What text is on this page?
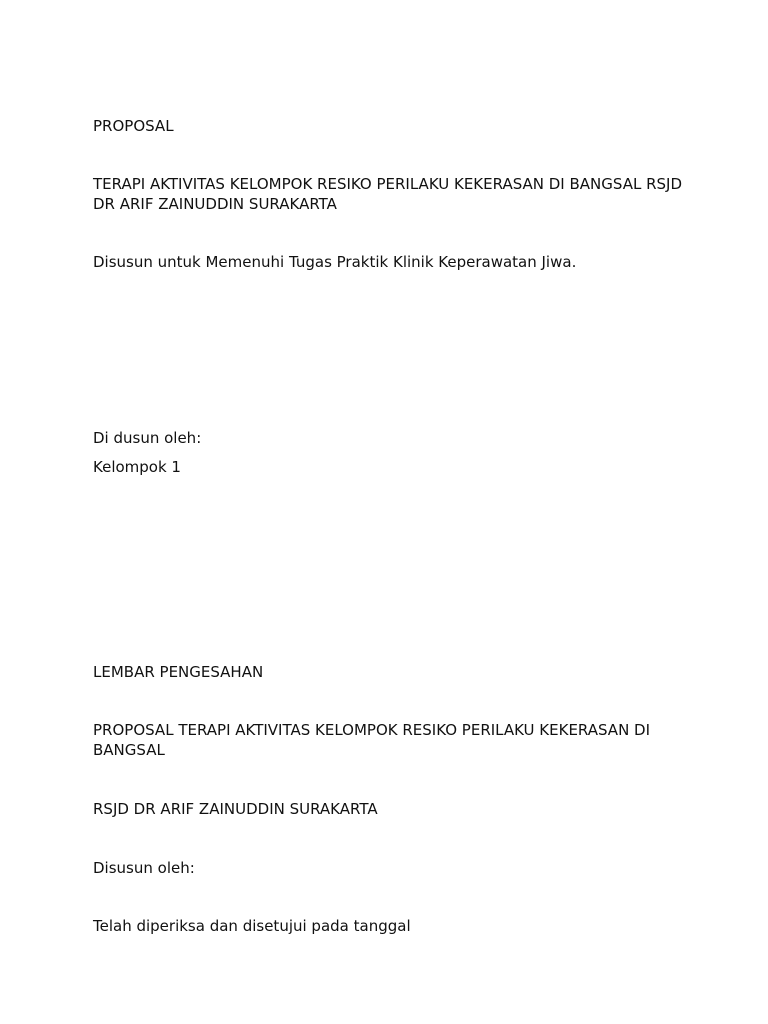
PROPOSAL

TERAPI AKTIVITAS KELOMPOK RESIKO PERILAKU KEKERASAN DI BANGSAL RSJD DR ARIF ZAINUDDIN SURAKARTA

Disusun untuk Memenuhi Tugas Praktik Klinik Keperawatan Jiwa.

Di dusun oleh:

Kelompok 1

LEMBAR PENGESAHAN

PROPOSAL TERAPI AKTIVITAS KELOMPOK RESIKO PERILAKU KEKERASAN DI BANGSAL

RSJD DR ARIF ZAINUDDIN SURAKARTA

Disusun oleh:

Telah diperiksa dan disetujui pada tanggal
